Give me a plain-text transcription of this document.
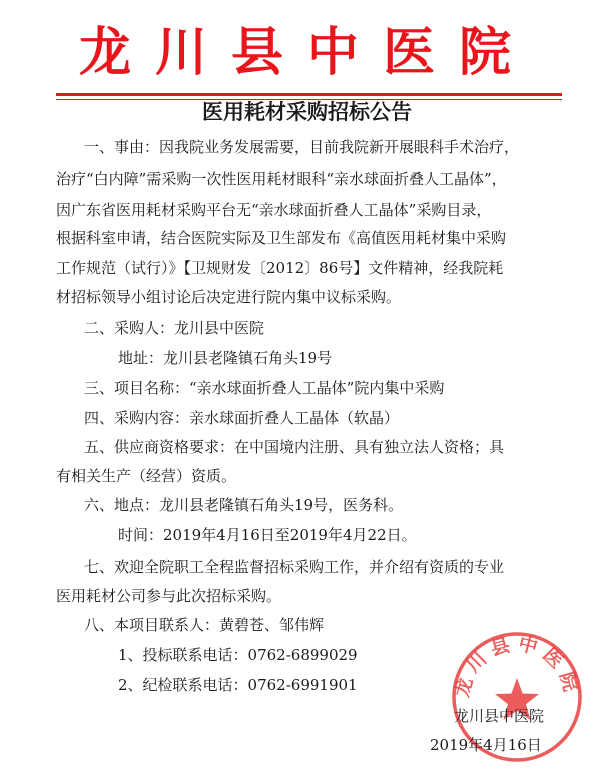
龙川县中医院
医用耗材采购招标公告
一、事由：因我院业务发展需要，目前我院新开展眼科手术治疗，
治疗“白内障”需采购一次性医用耗材眼科“亲水球面折叠人工晶体”，
因广东省医用耗材采购平台无“亲水球面折叠人工晶体”采购目录，
根据科室申请，结合医院实际及卫生部发布《高值医用耗材集中采购
工作规范（试行）》【卫规财发〔2012〕86号】文件精神，经我院耗
材招标领导小组讨论后决定进行院内集中议标采购。
二、采购人：龙川县中医院
地址：龙川县老隆镇石角头19号
三、项目名称：“亲水球面折叠人工晶体”院内集中采购
四、采购内容：亲水球面折叠人工晶体（软晶）
五、供应商资格要求：在中国境内注册、具有独立法人资格；具
有相关生产（经营）资质。
六、地点：龙川县老隆镇石角头19号，医务科。
时间：2019年4月16日至2019年4月22日。
七、欢迎全院职工全程监督招标采购工作，并介绍有资质的专业
医用耗材公司参与此次招标采购。
八、本项目联系人：黄碧苍、邹伟辉
1、投标联系电话：0762-6899029
2、纪检联系电话：0762-6991901	龙川县中医院
龙川县中医院
2019年4月16日
